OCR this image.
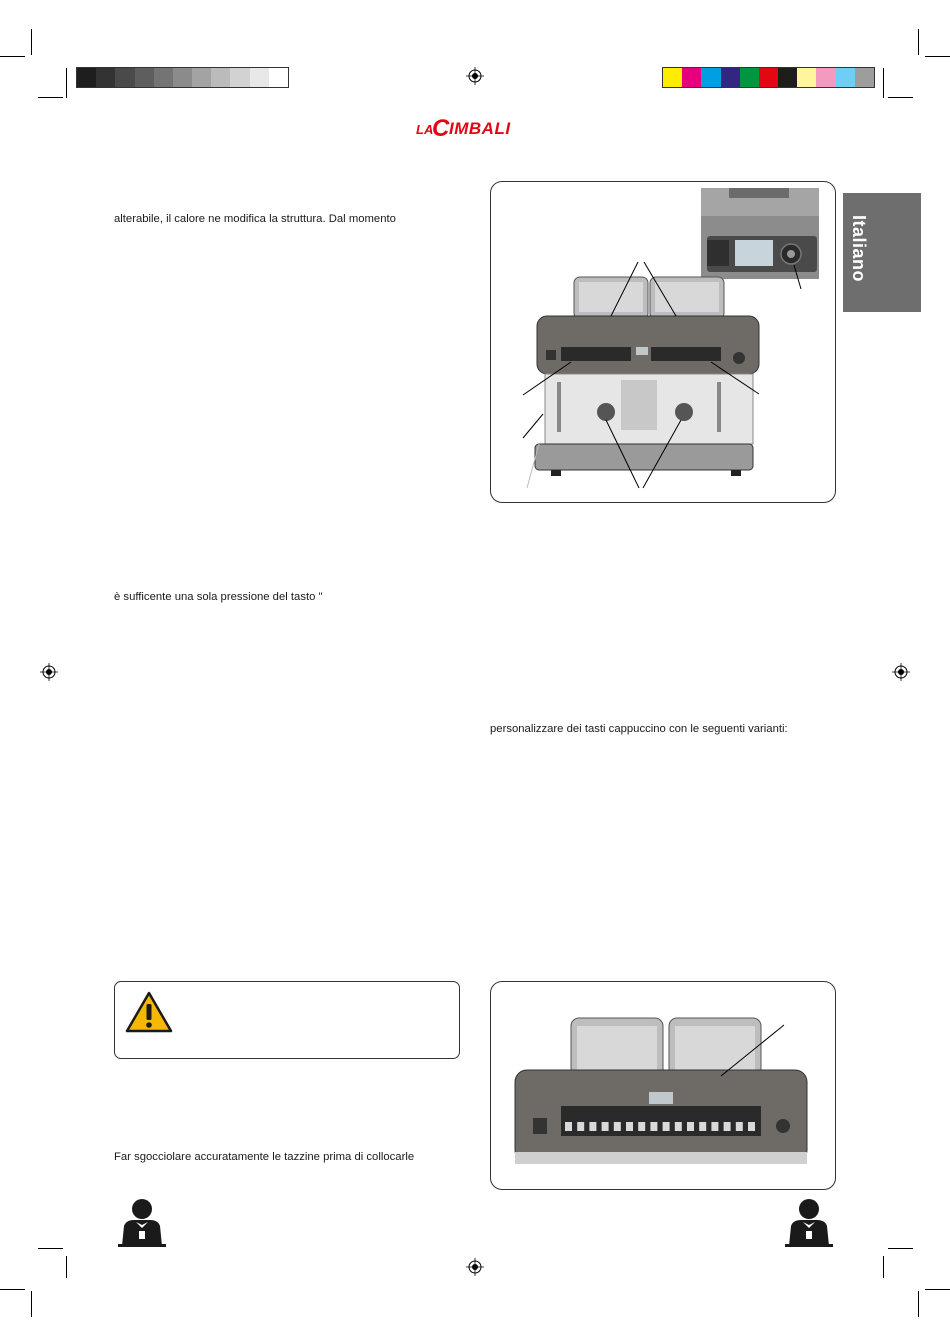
LA
C IMBALI
Italiano
alterabile, il calore ne modifica la struttura. Dal momento
è sufficente una sola pressione del tasto "
personalizzare dei tasti cappuccino con le seguenti varianti:
Far sgocciolare accuratamente le tazzine prima di collocarle
